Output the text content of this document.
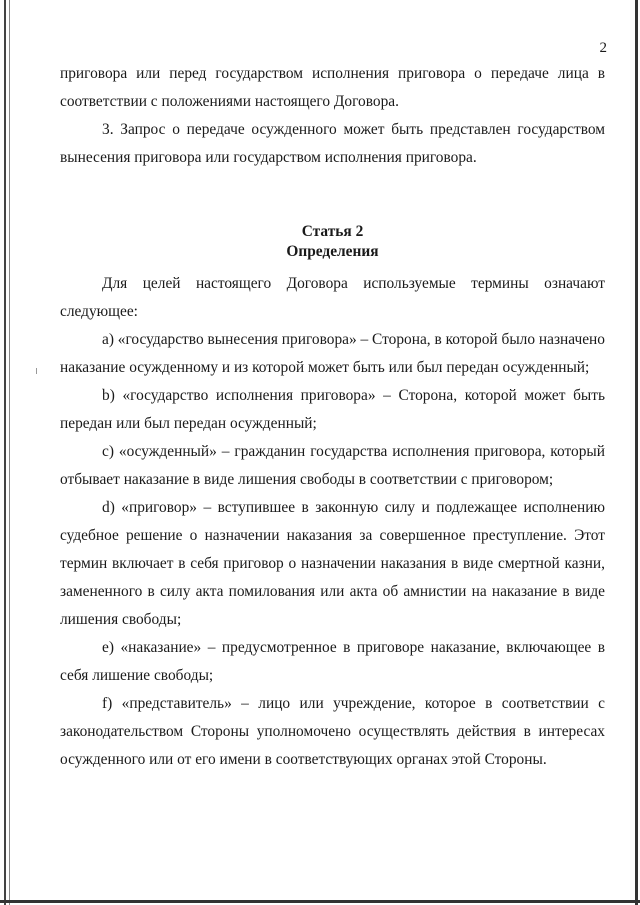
2

приговора или перед государством исполнения приговора о передаче лица в соответствии с положениями настоящего Договора.

3. Запрос о передаче осужденного может быть представлен государством вынесения приговора или государством исполнения приговора.

Статья 2
Определения

Для целей настоящего Договора используемые термины означают следующее:

a) «государство вынесения приговора» – Сторона, в которой было назначено наказание осужденному и из которой может быть или был передан осужденный;

b) «государство исполнения приговора» – Сторона, которой может быть передан или был передан осужденный;

c) «осужденный» – гражданин государства исполнения приговора, который отбывает наказание в виде лишения свободы в соответствии с приговором;

d) «приговор» – вступившее в законную силу и подлежащее исполнению судебное решение о назначении наказания за совершенное преступление. Этот термин включает в себя приговор о назначении наказания в виде смертной казни, замененного в силу акта помилования или акта об амнистии на наказание в виде лишения свободы;

e) «наказание» – предусмотренное в приговоре наказание, включающее в себя лишение свободы;

f) «представитель» – лицо или учреждение, которое в соответствии с законодательством Стороны уполномочено осуществлять действия в интересах осужденного или от его имени в соответствующих органах этой Стороны.
